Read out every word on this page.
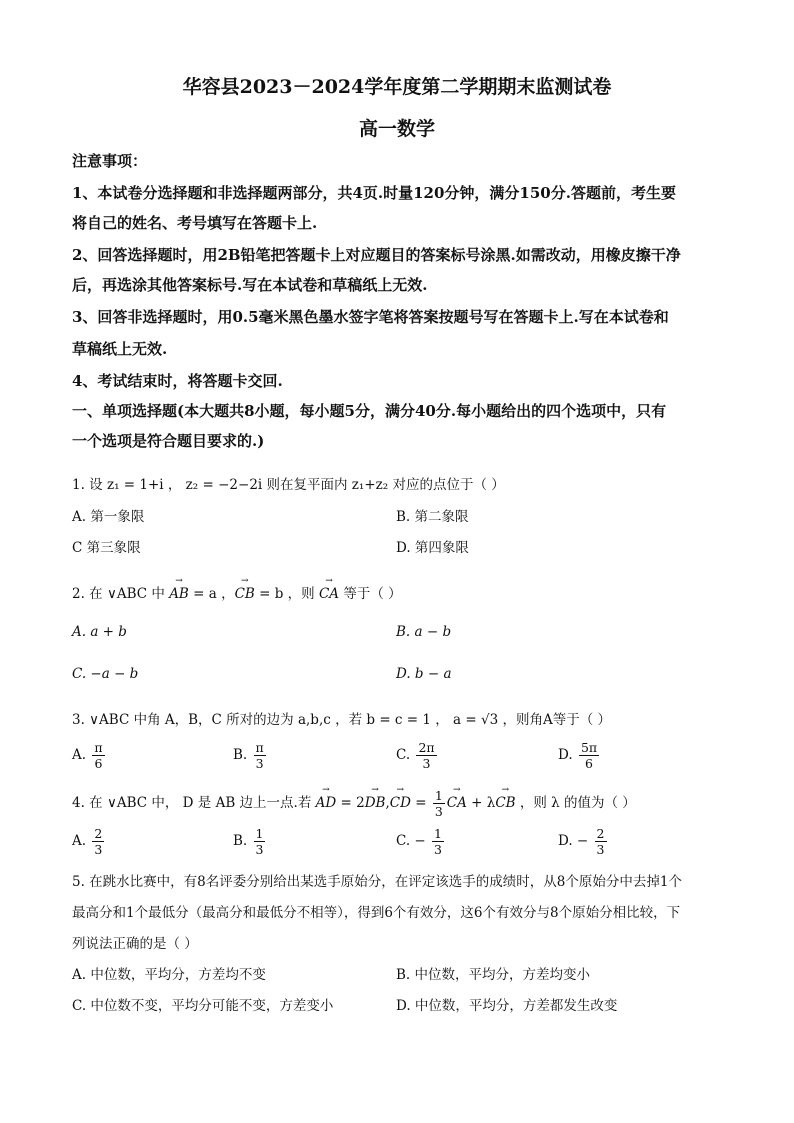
华容县2023－2024学年度第二学期期末监测试卷
高一数学
注意事项：
1、本试卷分选择题和非选择题两部分，共4页.时量120分钟，满分150分.答题前，考生要
将自己的姓名、考号填写在答题卡上.
2、回答选择题时，用2B铅笔把答题卡上对应题目的答案标号涂黑.如需改动，用橡皮擦干净
后，再选涂其他答案标号.写在本试卷和草稿纸上无效.
3、回答非选择题时，用0.5毫米黑色墨水签字笔将答案按题号写在答题卡上.写在本试卷和
草稿纸上无效.
4、考试结束时，将答题卡交回.
一、单项选择题(本大题共8小题，每小题5分，满分40分.每小题给出的四个选项中，只有
一个选项是符合题目要求的.)
1. 设 z₁ = 1+i ， z₂ = −2−2i 则在复平面内 z₁+z₂ 对应的点位于（ ）
A. 第一象限	B. 第二象限
C 第三象限	D. 第四象限
2. 在 ∨ABC 中 → AB = a ，→ CB = b ，则 → CA 等于（ ）
A. a + b	B. a − b
C. −a − b	D. b − a
3. ∨ABC 中角 A，B，C 所对的边为 a,b,c ，若 b = c = 1 ， a = √3 ，则角A等于（ ）
A. $\frac{\pi}{6}$	B. $\frac{\pi}{3}$	C. $\frac{2\pi}{3}$	D. $\frac{5\pi}{6}$
4. 在 ∨ABC 中， D 是 AB 边上一点.若 → AD = 2→ DB,→ CD = $\frac{1}{3}$
→ CA + λ→ CB ，则 λ 的值为（ ）
A. $\frac{2}{3}$	B. $\frac{1}{3}$	C. − $\frac{1}{3}$	D. − $\frac{2}{3}$
5. 在跳水比赛中，有8名评委分别给出某选手原始分，在评定该选手的成绩时，从8个原始分中去掉1个
最高分和1个最低分（最高分和最低分不相等），得到6个有效分，这6个有效分与8个原始分相比较，下
列说法正确的是（ ）
A. 中位数，平均分，方差均不变	B. 中位数，平均分，方差均变小
C. 中位数不变，平均分可能不变，方差变小	D. 中位数，平均分，方差都发生改变
